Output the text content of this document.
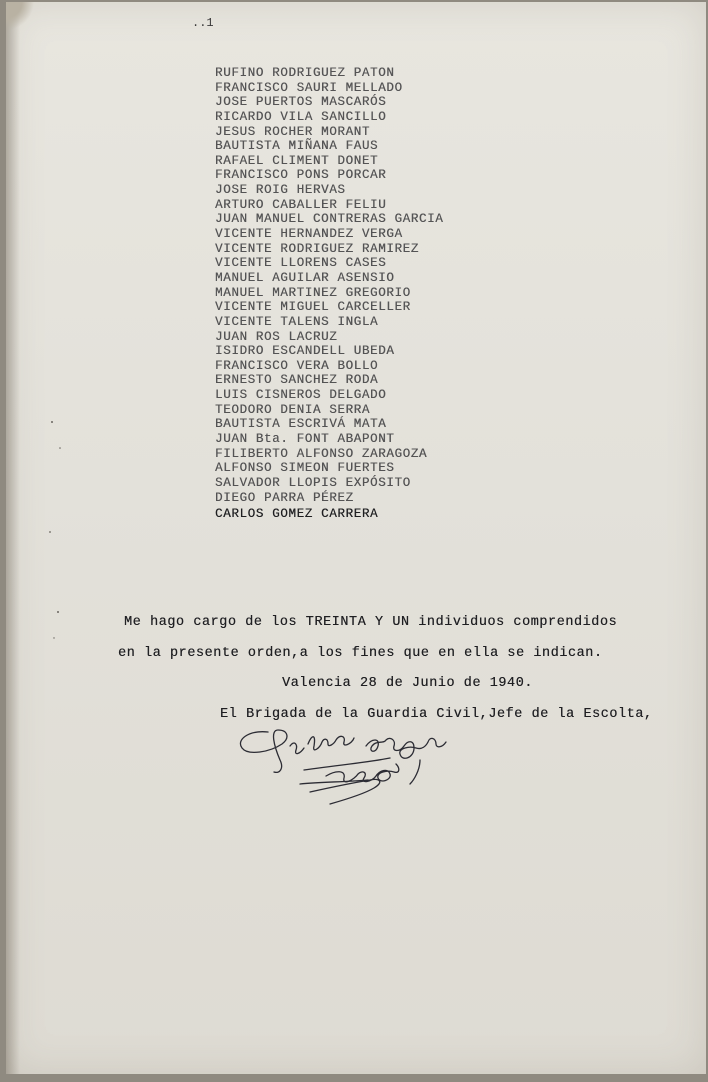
..1
RUFINO RODRIGUEZ PATON
FRANCISCO SAURI MELLADO
JOSE PUERTOS MASCARÓS
RICARDO VILA SANCILLO
JESUS ROCHER MORANT
BAUTISTA MIÑANA FAUS
RAFAEL CLIMENT DONET
FRANCISCO PONS PORCAR
JOSE ROIG HERVAS
ARTURO CABALLER FELIU
JUAN MANUEL CONTRERAS GARCIA
VICENTE HERNANDEZ VERGA
VICENTE RODRIGUEZ RAMIREZ
VICENTE LLORENS CASES
MANUEL AGUILAR ASENSIO
MANUEL MARTINEZ GREGORIO
VICENTE MIGUEL CARCELLER
VICENTE TALENS INGLA
JUAN ROS LACRUZ
ISIDRO ESCANDELL UBEDA
FRANCISCO VERA BOLLO
ERNESTO SANCHEZ RODA
LUIS CISNEROS DELGADO
TEODORO DENIA SERRA
BAUTISTA ESCRIVÁ MATA
JUAN Bta. FONT ABAPONT
FILIBERTO ALFONSO ZARAGOZA
ALFONSO SIMEON FUERTES
SALVADOR LLOPIS EXPÓSITO
DIEGO PARRA PÉREZ
CARLOS GOMEZ CARRERA
Me hago cargo de los TREINTA Y UN individuos comprendidos
en la presente orden,a los fines que en ella se indican.
Valencia 28 de Junio de 1940.
El Brigada de la Guardia Civil,Jefe de la Escolta,
